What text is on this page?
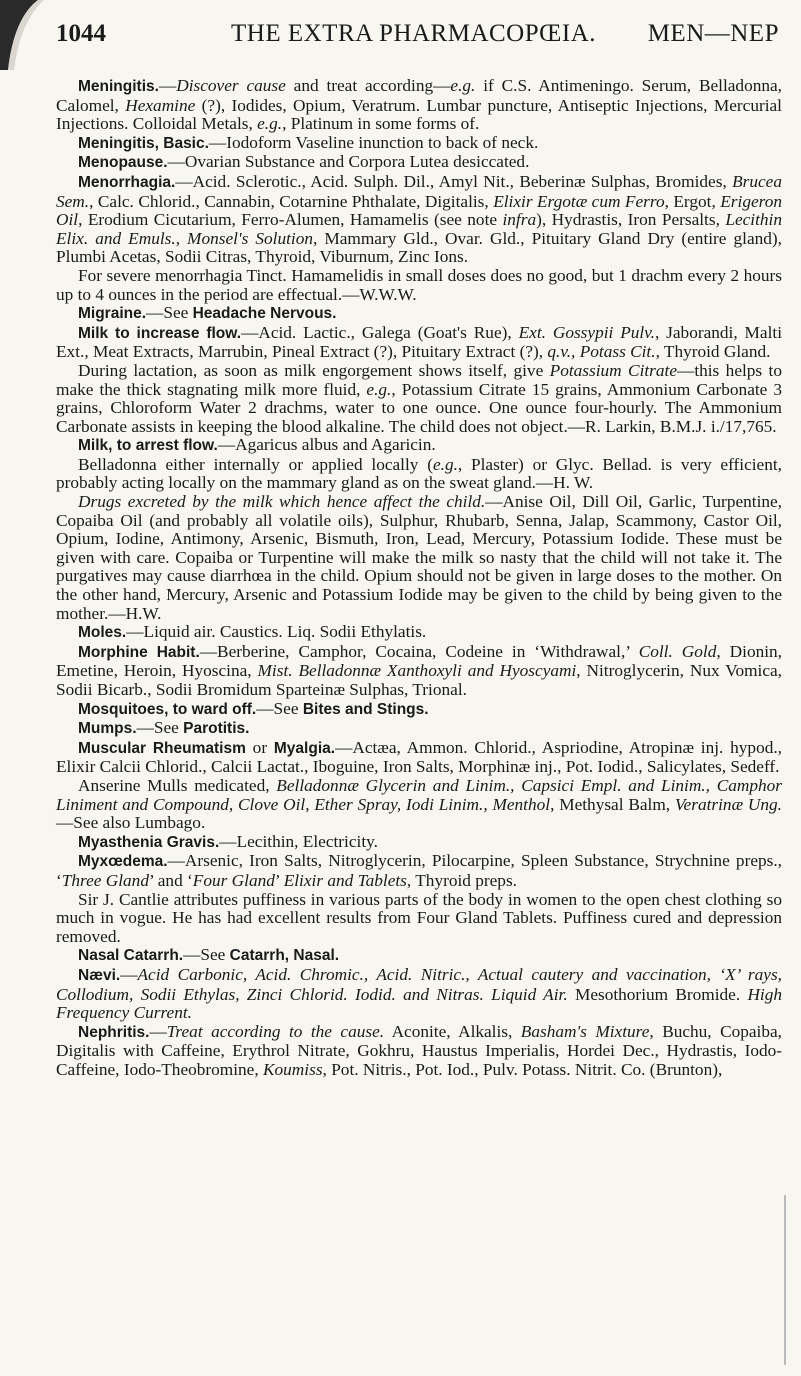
1044	THE EXTRA PHARMACOPŒIA. MEN—NEP

Meningitis.—Discover cause and treat according—e.g. if C.S. Antimeningo. Serum, Belladonna, Calomel, Hexamine (?), Iodides, Opium, Veratrum. Lumbar puncture, Antiseptic Injections, Mercurial Injections. Colloidal Metals, e.g., Platinum in some forms of.

Meningitis, Basic.—Iodoform Vaseline inunction to back of neck.

Menopause.—Ovarian Substance and Corpora Lutea desiccated.

Menorrhagia.—Acid. Sclerotic., Acid. Sulph. Dil., Amyl Nit., Beberinæ Sulphas, Bromides, Brucea Sem., Calc. Chlorid., Cannabin, Cotarnine Phthalate, Digitalis, Elixir Ergotæ cum Ferro, Ergot, Erigeron Oil, Erodium Cicutarium, Ferro-Alumen, Hamamelis (see note infra), Hydrastis, Iron Persalts, Lecithin Elix. and Emuls., Monsel's Solution, Mammary Gld., Ovar. Gld., Pituitary Gland Dry (entire gland), Plumbi Acetas, Sodii Citras, Thyroid, Viburnum, Zinc Ions.

For severe menorrhagia Tinct. Hamamelidis in small doses does no good, but 1 drachm every 2 hours up to 4 ounces in the period are effectual.—W.W.W.

Migraine.—See Headache Nervous.

Milk to increase flow.—Acid. Lactic., Galega (Goat's Rue), Ext. Gossypii Pulv., Jaborandi, Malti Ext., Meat Extracts, Marrubin, Pineal Extract (?), Pituitary Extract (?), q.v., Potass Cit., Thyroid Gland.

During lactation, as soon as milk engorgement shows itself, give Potassium Citrate—this helps to make the thick stagnating milk more fluid, e.g., Potassium Citrate 15 grains, Ammonium Carbonate 3 grains, Chloroform Water 2 drachms, water to one ounce. One ounce four-hourly. The Ammonium Carbonate assists in keeping the blood alkaline. The child does not object.—R. Larkin, B.M.J. i./17,765.

Milk, to arrest flow.—Agaricus albus and Agaricin.

Belladonna either internally or applied locally (e.g., Plaster) or Glyc. Bellad. is very efficient, probably acting locally on the mammary gland as on the sweat gland.—H. W.

Drugs excreted by the milk which hence affect the child.—Anise Oil, Dill Oil, Garlic, Turpentine, Copaiba Oil (and probably all volatile oils), Sulphur, Rhubarb, Senna, Jalap, Scammony, Castor Oil, Opium, Iodine, Antimony, Arsenic, Bismuth, Iron, Lead, Mercury, Potassium Iodide. These must be given with care. Copaiba or Turpentine will make the milk so nasty that the child will not take it. The purgatives may cause diarrhœa in the child. Opium should not be given in large doses to the mother. On the other hand, Mercury, Arsenic and Potassium Iodide may be given to the child by being given to the mother.—H.W.

Moles.—Liquid air. Caustics. Liq. Sodii Ethylatis.

Morphine Habit.—Berberine, Camphor, Cocaina, Codeine in ‘Withdrawal,’ Coll. Gold, Dionin, Emetine, Heroin, Hyoscina, Mist. Belladonnæ Xanthoxyli and Hyoscyami, Nitroglycerin, Nux Vomica, Sodii Bicarb., Sodii Bromidum Sparteinæ Sulphas, Trional.

Mosquitoes, to ward off.—See Bites and Stings.

Mumps.—See Parotitis.

Muscular Rheumatism or Myalgia.—Actæa, Ammon. Chlorid., Aspriodine, Atropinæ inj. hypod., Elixir Calcii Chlorid., Calcii Lactat., Iboguine, Iron Salts, Morphinæ inj., Pot. Iodid., Salicylates, Sedeff.

Anserine Mulls medicated, Belladonnæ Glycerin and Linim., Capsici Empl. and Linim., Camphor Liniment and Compound, Clove Oil, Ether Spray, Iodi Linim., Menthol, Methysal Balm, Veratrinæ Ung.—See also Lumbago.

Myasthenia Gravis.—Lecithin, Electricity.

Myxœdema.—Arsenic, Iron Salts, Nitroglycerin, Pilocarpine, Spleen Substance, Strychnine preps., ‘Three Gland’ and ‘Four Gland’ Elixir and Tablets, Thyroid preps.

Sir J. Cantlie attributes puffiness in various parts of the body in women to the open chest clothing so much in vogue. He has had excellent results from Four Gland Tablets. Puffiness cured and depression removed.

Nasal Catarrh.—See Catarrh, Nasal.

Nævi.—Acid Carbonic, Acid. Chromic., Acid. Nitric., Actual cautery and vaccination, ‘X’ rays, Collodium, Sodii Ethylas, Zinci Chlorid. Iodid. and Nitras. Liquid Air. Mesothorium Bromide. High Frequency Current.

Nephritis.—Treat according to the cause. Aconite, Alkalis, Basham's Mixture, Buchu, Copaiba, Digitalis with Caffeine, Erythrol Nitrate, Gokhru, Haustus Imperialis, Hordei Dec., Hydrastis, Iodo-Caffeine, Iodo-Theobromine, Koumiss, Pot. Nitris., Pot. Iod., Pulv. Potass. Nitrit. Co. (Brunton),
